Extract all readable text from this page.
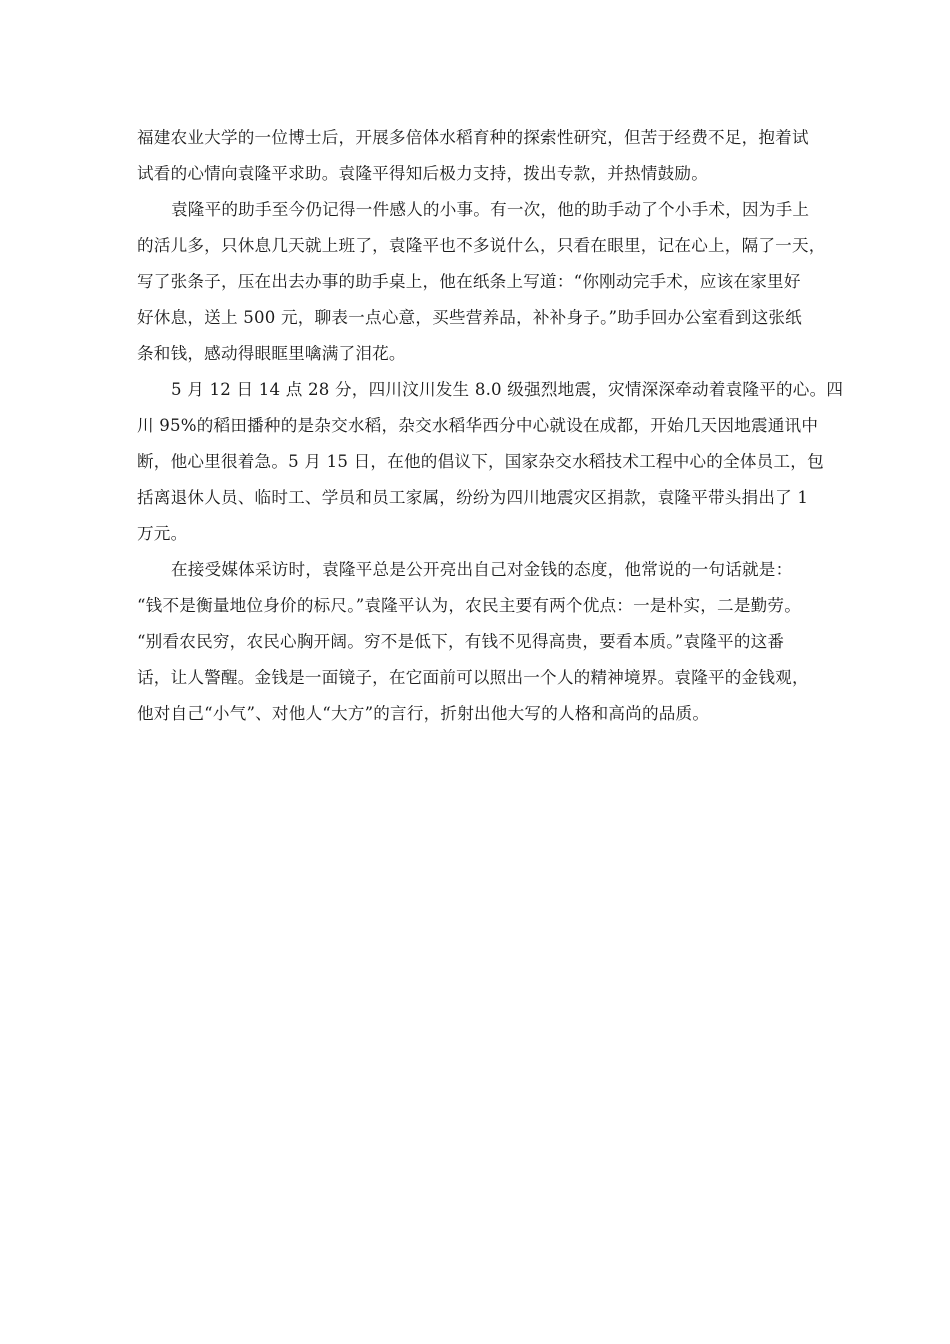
福建农业大学的一位博士后，开展多倍体水稻育种的探索性研究，但苦于经费不足，抱着试
试看的心情向袁隆平求助。袁隆平得知后极力支持，拨出专款，并热情鼓励。
袁隆平的助手至今仍记得一件感人的小事。有一次，他的助手动了个小手术，因为手上
的活儿多，只休息几天就上班了，袁隆平也不多说什么，只看在眼里，记在心上，隔了一天，
写了张条子，压在出去办事的助手桌上，他在纸条上写道：“你刚动完手术，应该在家里好
好休息，送上 500 元，聊表一点心意，买些营养品，补补身子。”助手回办公室看到这张纸
条和钱，感动得眼眶里噙满了泪花。
5 月 12 日 14 点 28 分，四川汶川发生 8.0 级强烈地震，灾情深深牵动着袁隆平的心。四
川 95%的稻田播种的是杂交水稻，杂交水稻华西分中心就设在成都，开始几天因地震通讯中
断，他心里很着急。5 月 15 日，在他的倡议下，国家杂交水稻技术工程中心的全体员工，包
括离退休人员、临时工、学员和员工家属，纷纷为四川地震灾区捐款，袁隆平带头捐出了 1
万元。
在接受媒体采访时，袁隆平总是公开亮出自己对金钱的态度，他常说的一句话就是：
“钱不是衡量地位身价的标尺。”袁隆平认为，农民主要有两个优点：一是朴实，二是勤劳。
“别看农民穷，农民心胸开阔。穷不是低下，有钱不见得高贵，要看本质。”袁隆平的这番
话，让人警醒。金钱是一面镜子，在它面前可以照出一个人的精神境界。袁隆平的金钱观，
他对自己“小气”、对他人“大方”的言行，折射出他大写的人格和高尚的品质。
